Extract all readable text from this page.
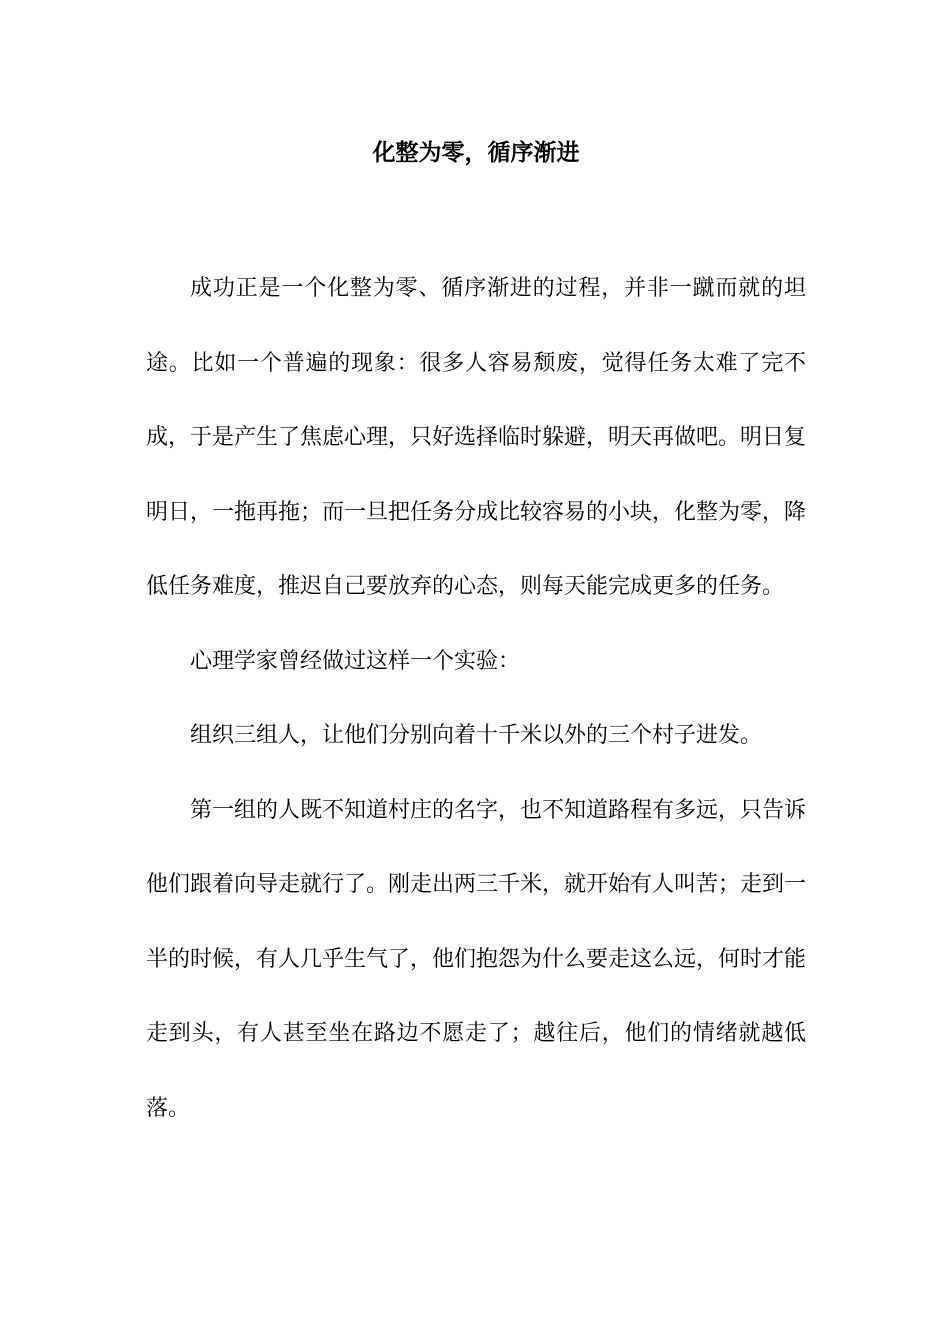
化整为零，循序渐进

成功正是一个化整为零、循序渐进的过程，并非一蹴而就的坦途。比如一个普遍的现象：很多人容易颓废，觉得任务太难了完不成，于是产生了焦虑心理，只好选择临时躲避，明天再做吧。明日复明日，一拖再拖；而一旦把任务分成比较容易的小块，化整为零，降低任务难度，推迟自己要放弃的心态，则每天能完成更多的任务。

心理学家曾经做过这样一个实验：

组织三组人，让他们分别向着十千米以外的三个村子进发。

第一组的人既不知道村庄的名字，也不知道路程有多远，只告诉他们跟着向导走就行了。刚走出两三千米，就开始有人叫苦；走到一半的时候，有人几乎生气了，他们抱怨为什么要走这么远，何时才能走到头，有人甚至坐在路边不愿走了；越往后，他们的情绪就越低落。
